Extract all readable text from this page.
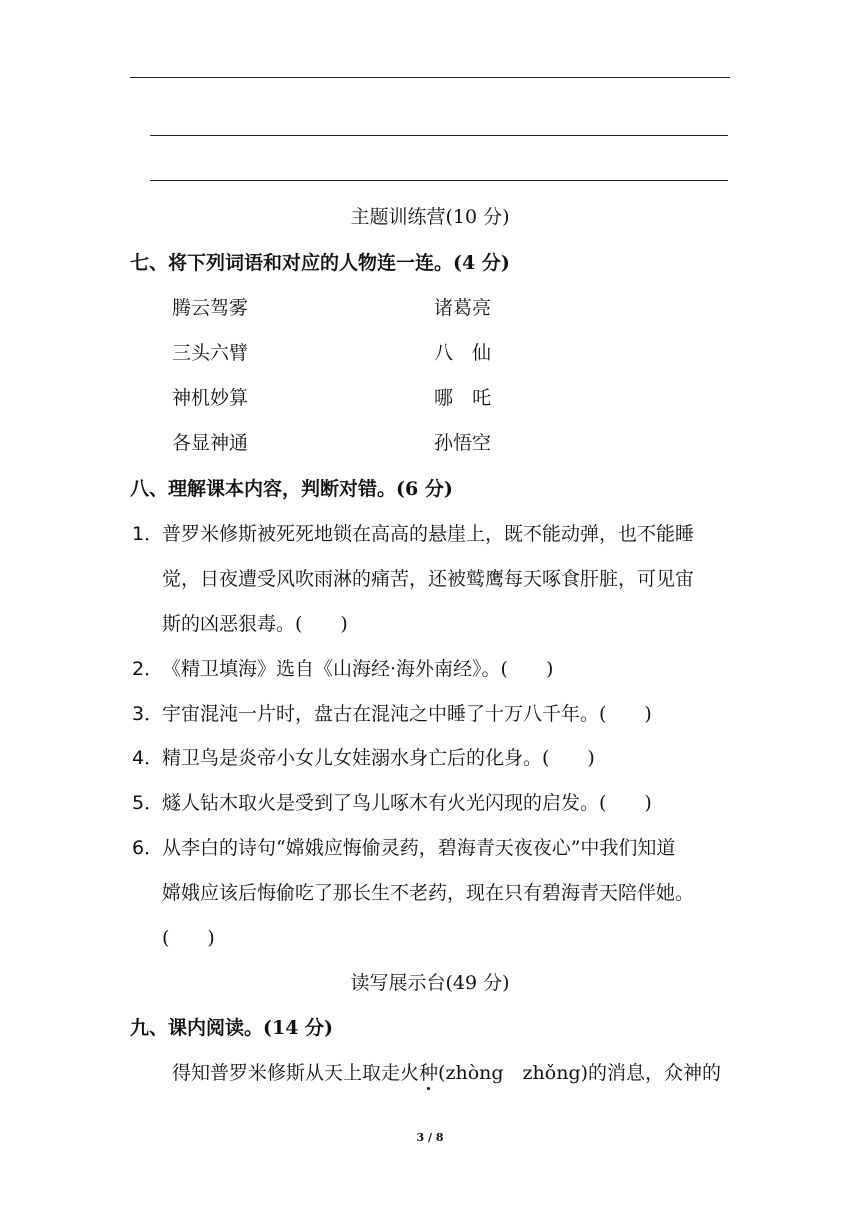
主题训练营(10 分)
七、将下列词语和对应的人物连一连。(4 分)
腾云驾雾	诸葛亮
三头六臂	八　仙
神机妙算	哪　吒
各显神通	孙悟空
八、理解课本内容，判断对错。(6 分)
1．
普罗米修斯被死死地锁在高高的悬崖上，既不能动弹，也不能睡
觉，日夜遭受风吹雨淋的痛苦，还被鹫鹰每天啄食肝脏，可见宙
斯的凶恶狠毒。(　　)
2．
《精卫填海》选自《山海经·海外南经》。(　　)
3．
宇宙混沌一片时，盘古在混沌之中睡了十万八千年。(　　)
4．
精卫鸟是炎帝小女儿女娃溺水身亡后的化身。(　　)
5．
燧人钻木取火是受到了鸟儿啄木有火光闪现的启发。(　　)
6．
从李白的诗句“嫦娥应悔偷灵药，碧海青天夜夜心”中我们知道
嫦娥应该后悔偷吃了那长生不老药，现在只有碧海青天陪伴她。
(　　)
读写展示台(49 分)
九、课内阅读。(14 分)
得知普罗米修斯从天上取走火种(zhòng　zhǒng)的消息，众神的
3 / 8
